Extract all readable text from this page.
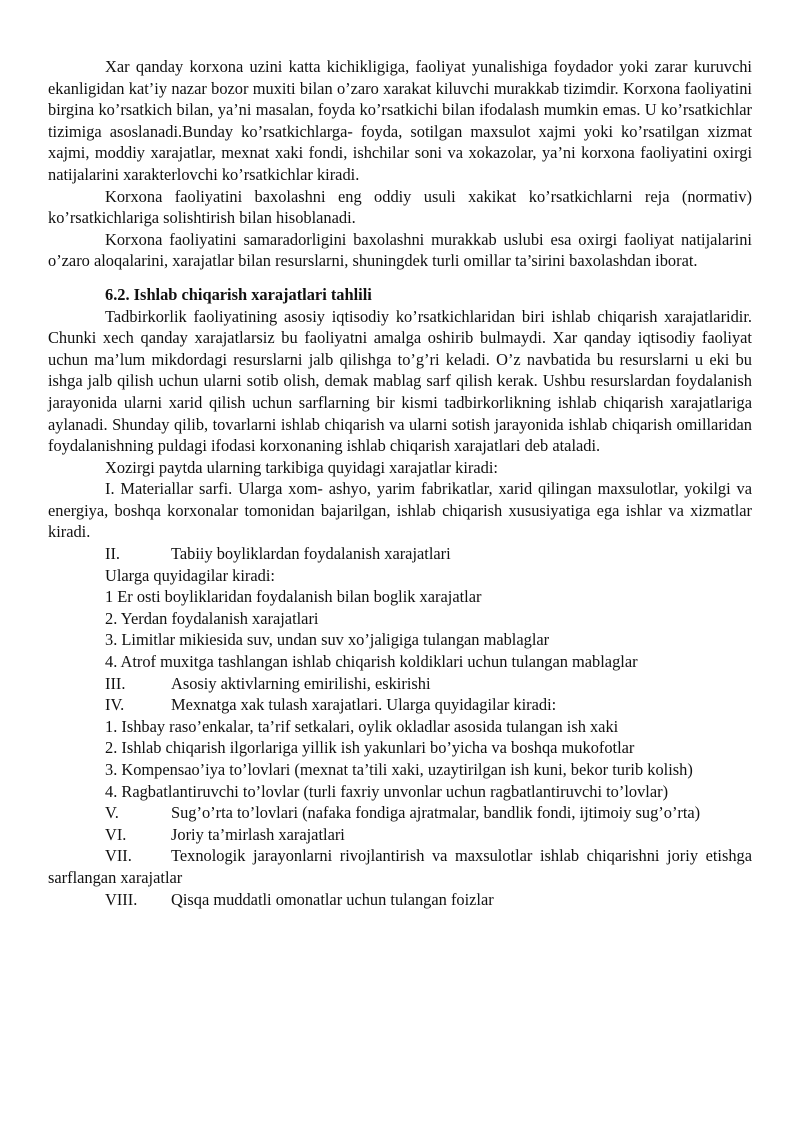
Xar qanday korxona uzini katta kichikligiga, faoliyat yunalishiga foydador yoki zarar kuruvchi ekanligidan kat’iy nazar bozor muxiti bilan o’zaro xarakat kiluvchi murakkab tizimdir. Korxona faoliyatini birgina ko’rsatkich bilan, ya’ni masalan, foyda ko’rsatkichi bilan ifodalash mumkin emas. U ko’rsatkichlar tizimiga asoslanadi.Bunday ko’rsatkichlarga- foyda, sotilgan maxsulot xajmi yoki ko’rsatilgan xizmat xajmi, moddiy xarajatlar, mexnat xaki fondi, ishchilar soni va xokazolar, ya’ni korxona faoliyatini oxirgi natijalarini xarakterlovchi ko’rsatkichlar kiradi.

Korxona faoliyatini baxolashni eng oddiy usuli xakikat ko’rsatkichlarni reja (normativ) ko’rsatkichlariga solishtirish bilan hisoblanadi.

Korxona faoliyatini samaradorligini baxolashni murakkab uslubi esa oxirgi faoliyat natijalarini o’zaro aloqalarini, xarajatlar bilan resurslarni, shuningdek turli omillar ta’sirini baxolashdan iborat.

6.2. Ishlab chiqarish xarajatlari tahlili

Tadbirkorlik faoliyatining asosiy iqtisodiy ko’rsatkichlaridan biri ishlab chiqarish xarajatlaridir. Chunki xech qanday xarajatlarsiz bu faoliyatni amalga oshirib bulmaydi. Xar qanday iqtisodiy faoliyat uchun ma’lum mikdordagi resurslarni jalb qilishga to’g’ri keladi. O’z navbatida bu resurslarni u eki bu ishga jalb qilish uchun ularni sotib olish, demak mablag sarf qilish kerak. Ushbu resurslardan foydalanish jarayonida ularni xarid qilish uchun sarflarning bir kismi tadbirkorlikning ishlab chiqarish xarajatlariga aylanadi. Shunday qilib, tovarlarni ishlab chiqarish va ularni sotish jarayonida ishlab chiqarish omillaridan foydalanishning puldagi ifodasi korxonaning ishlab chiqarish xarajatlari deb ataladi.

Xozirgi paytda ularning tarkibiga quyidagi xarajatlar kiradi:

I. Materiallar sarfi. Ularga xom- ashyo, yarim fabrikatlar, xarid qilingan maxsulotlar, yokilgi va energiya, boshqa korxonalar tomonidan bajarilgan, ishlab chiqarish xususiyatiga ega ishlar va xizmatlar kiradi.

II.	Tabiiy boyliklardan foydalanish xarajatlari

Ularga quyidagilar kiradi:

1 Er osti boyliklaridan foydalanish bilan boglik xarajatlar

2. Yerdan foydalanish xarajatlari

3. Limitlar mikiesida suv, undan suv xo’jaligiga tulangan mablaglar

4. Atrof muxitga tashlangan ishlab chiqarish koldiklari uchun tulangan mablaglar

III.	Asosiy aktivlarning emirilishi, eskirishi

IV.	Mexnatga xak tulash xarajatlari. Ularga quyidagilar kiradi:

1. Ishbay raso’enkalar, ta’rif setkalari, oylik okladlar asosida tulangan ish xaki

2. Ishlab chiqarish ilgorlariga yillik ish yakunlari bo’yicha va boshqa mukofotlar

3. Kompensao’iya to’lovlari (mexnat ta’tili xaki, uzaytirilgan ish kuni, bekor turib kolish)

4. Ragbatlantiruvchi to’lovlar (turli faxriy unvonlar uchun ragbatlantiruvchi to’lovlar)

V.	Sug’o’rta to’lovlari (nafaka fondiga ajratmalar, bandlik fondi, ijtimoiy sug’o’rta)

VI.	Joriy ta’mirlash xarajatlari

VII. Texnologik jarayonlarni rivojlantirish va maxsulotlar ishlab chiqarishni joriy etishga sarflangan xarajatlar

VIII. Qisqa muddatli omonatlar uchun tulangan foizlar
